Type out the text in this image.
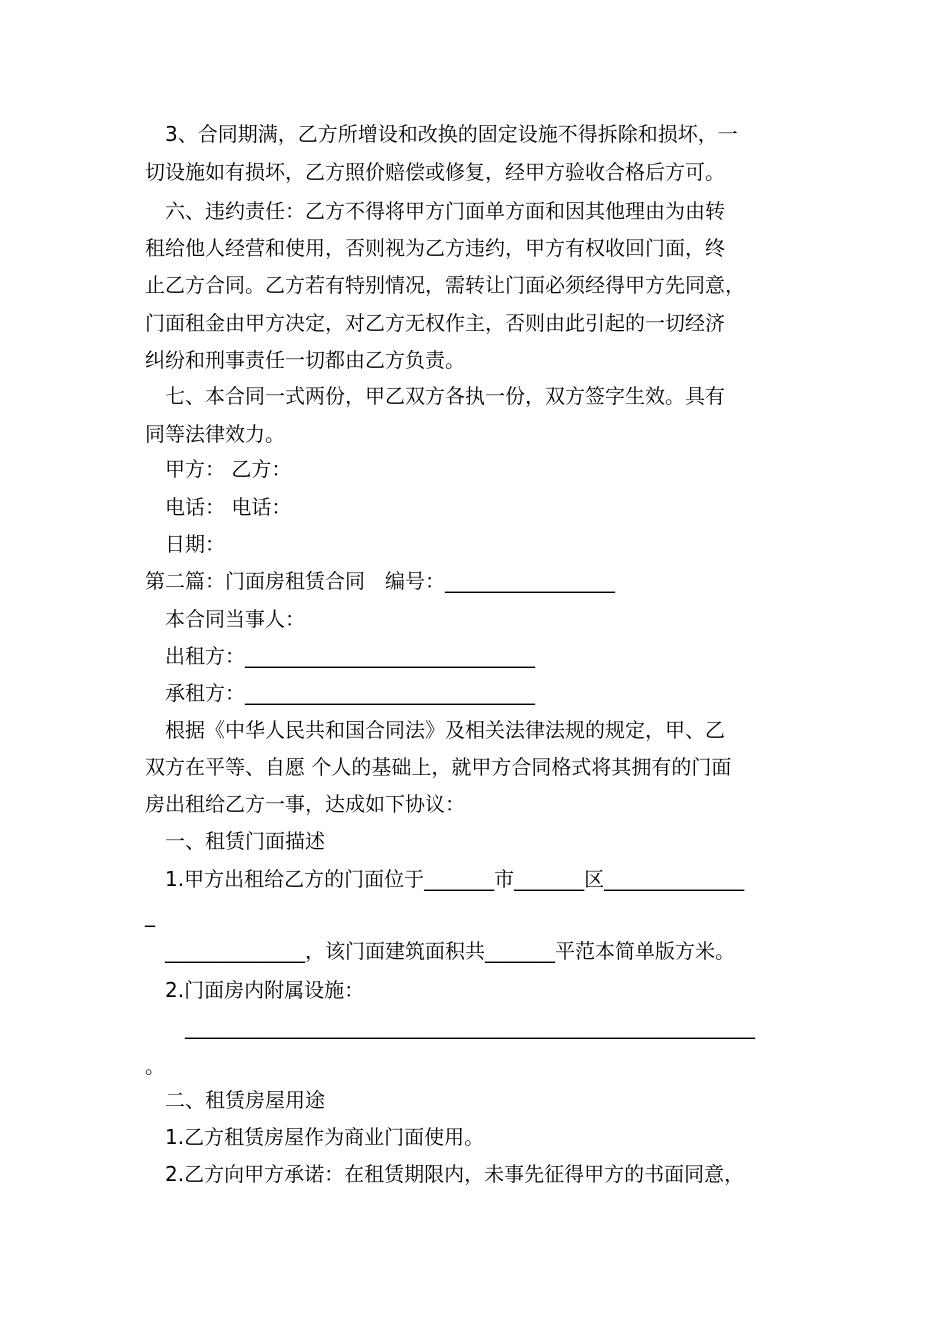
3、合同期满，乙方所增设和改换的固定设施不得拆除和损坏，一
切设施如有损坏，乙方照价赔偿或修复，经甲方验收合格后方可。
六、违约责任：乙方不得将甲方门面单方面和因其他理由为由转
租给他人经营和使用，否则视为乙方违约，甲方有权收回门面，终
止乙方合同。乙方若有特别情况，需转让门面必须经得甲方先同意，
门面租金由甲方决定，对乙方无权作主，否则由此引起的一切经济
纠纷和刑事责任一切都由乙方负责。
七、本合同一式两份，甲乙双方各执一份，双方签字生效。具有
同等法律效力。
甲方： 乙方：
电话： 电话：
日期：
第二篇：门面房租赁合同　编号：_________________
本合同当事人：
出租方：_____________________________
承租方：_____________________________
根据《中华人民共和国合同法》及相关法律法规的规定，甲、乙
双方在平等、自愿 个人的基础上，就甲方合同格式将其拥有的门面
房出租给乙方一事，达成如下协议：
一、租赁门面描述
1.甲方出租给乙方的门面位于_______市_______区______________
_
______________，该门面建筑面积共_______平范本简单版方米。
2.门面房内附属设施：
_________________________________________________________
。
二、租赁房屋用途
1.乙方租赁房屋作为商业门面使用。
2.乙方向甲方承诺：在租赁期限内，未事先征得甲方的书面同意，
